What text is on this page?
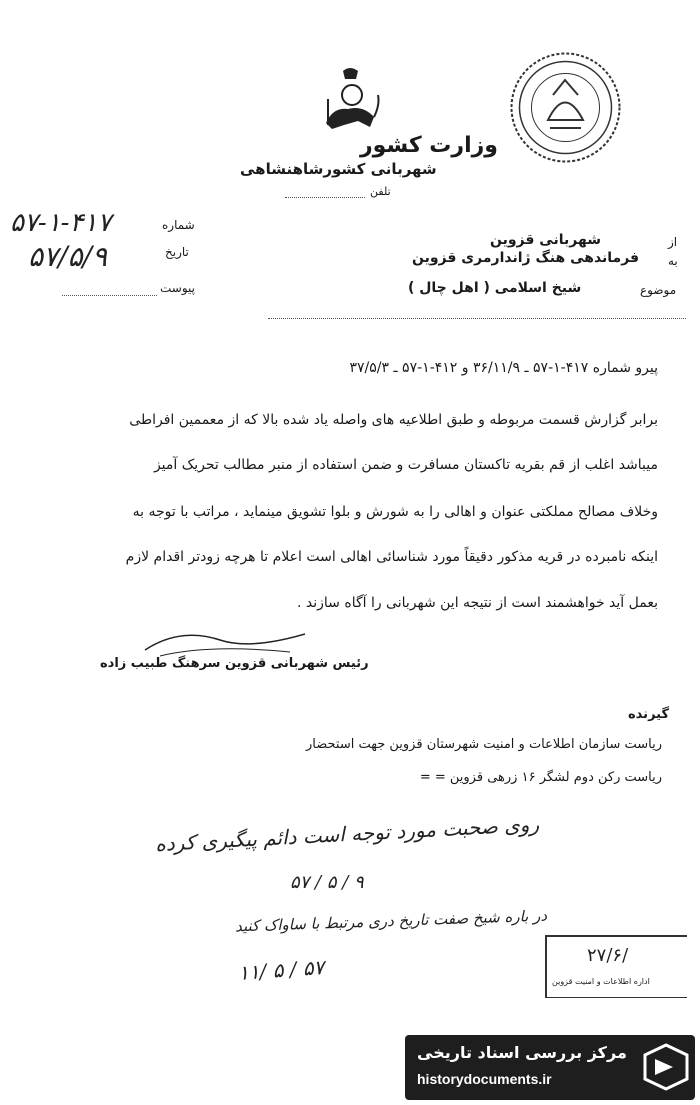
وزارت کشور
شهربانی کشورشاهنشاهی
تلفن
شماره
۵۷-۱-۴۱۷
تاریخ
۵۷/۵/۹
پیوست
از
شهربانی قزوین
به
فرماندهی هنگ ژاندارمری قزوین
موضوع
شیخ اسلامی ( اهل چال )
پیرو شماره ۴۱۷-۱-۵۷ ـ ۳۶/۱۱/۹ و ۴۱۲-۱-۵۷ ـ ۳۷/۵/۳
برابر گزارش قسمت مربوطه و طبق اطلاعیه های واصله یاد شده بالا که از معممین افراطی
میباشد اغلب از قم بقریه تاکستان مسافرت و ضمن استفاده از منبر مطالب تحریک آمیز
وخلاف مصالح مملکتی عنوان و اهالی را به شورش و بلوا تشویق مینماید ، مراتب با توجه به
اینکه نامبرده در قریه مذکور دقیقاً مورد شناسائی اهالی است اعلام تا هرچه زودتر اقدام لازم
بعمل آید خواهشمند است از نتیجه این شهربانی را آگاه سازند .
رئیس شهربانی قزوین سرهنگ طبیب زاده
گیرنده
ریاست سازمان اطلاعات و امنیت شهرستان قزوین جهت استحضار
ریاست رکن دوم لشگر ۱۶ زرهی قزوین = =
روی صحبت مورد توجه است دائم پیگیری کرده
۵۷ / ۵ / ۹
در باره شیخ صفت تاریخ دری مرتبط با ساواک کنید
۱۱/ ۵ / ۵۷	۲۷/۶/
اداره اطلاعات و امنیت قزوین
مرکز بررسی اسناد تاریخی
historydocuments.ir
